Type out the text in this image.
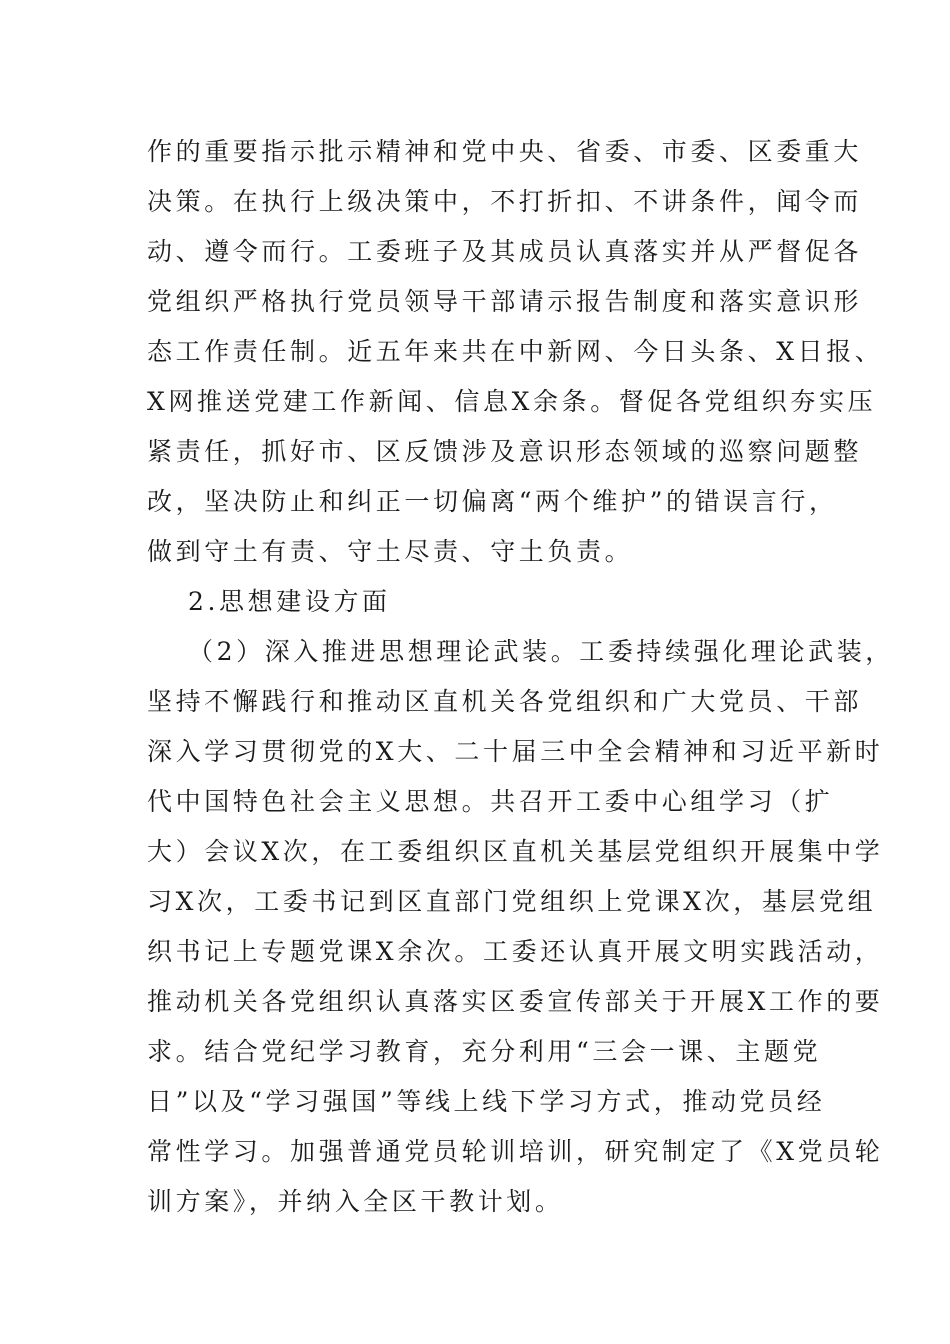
作的重要指示批示精神和党中央、省委、市委、区委重大
决策。在执行上级决策中，不打折扣、不讲条件，闻令而
动、遵令而行。工委班子及其成员认真落实并从严督促各
党组织严格执行党员领导干部请示报告制度和落实意识形
态工作责任制。近五年来共在中新网、今日头条、X日报、
X网推送党建工作新闻、信息X余条。督促各党组织夯实压
紧责任，抓好市、区反馈涉及意识形态领域的巡察问题整
改，坚决防止和纠正一切偏离“两个维护”的错误言行，
做到守土有责、守土尽责、守土负责。
2.思想建设方面
（2）深入推进思想理论武装。工委持续强化理论武装，
坚持不懈践行和推动区直机关各党组织和广大党员、干部
深入学习贯彻党的X大、二十届三中全会精神和习近平新时
代中国特色社会主义思想。共召开工委中心组学习（扩
大）会议X次，在工委组织区直机关基层党组织开展集中学
习X次，工委书记到区直部门党组织上党课X次，基层党组
织书记上专题党课X余次。工委还认真开展文明实践活动，
推动机关各党组织认真落实区委宣传部关于开展X工作的要
求。结合党纪学习教育，充分利用“三会一课、主题党
日”以及“学习强国”等线上线下学习方式，推动党员经
常性学习。加强普通党员轮训培训，研究制定了《X党员轮
训方案》，并纳入全区干教计划。
